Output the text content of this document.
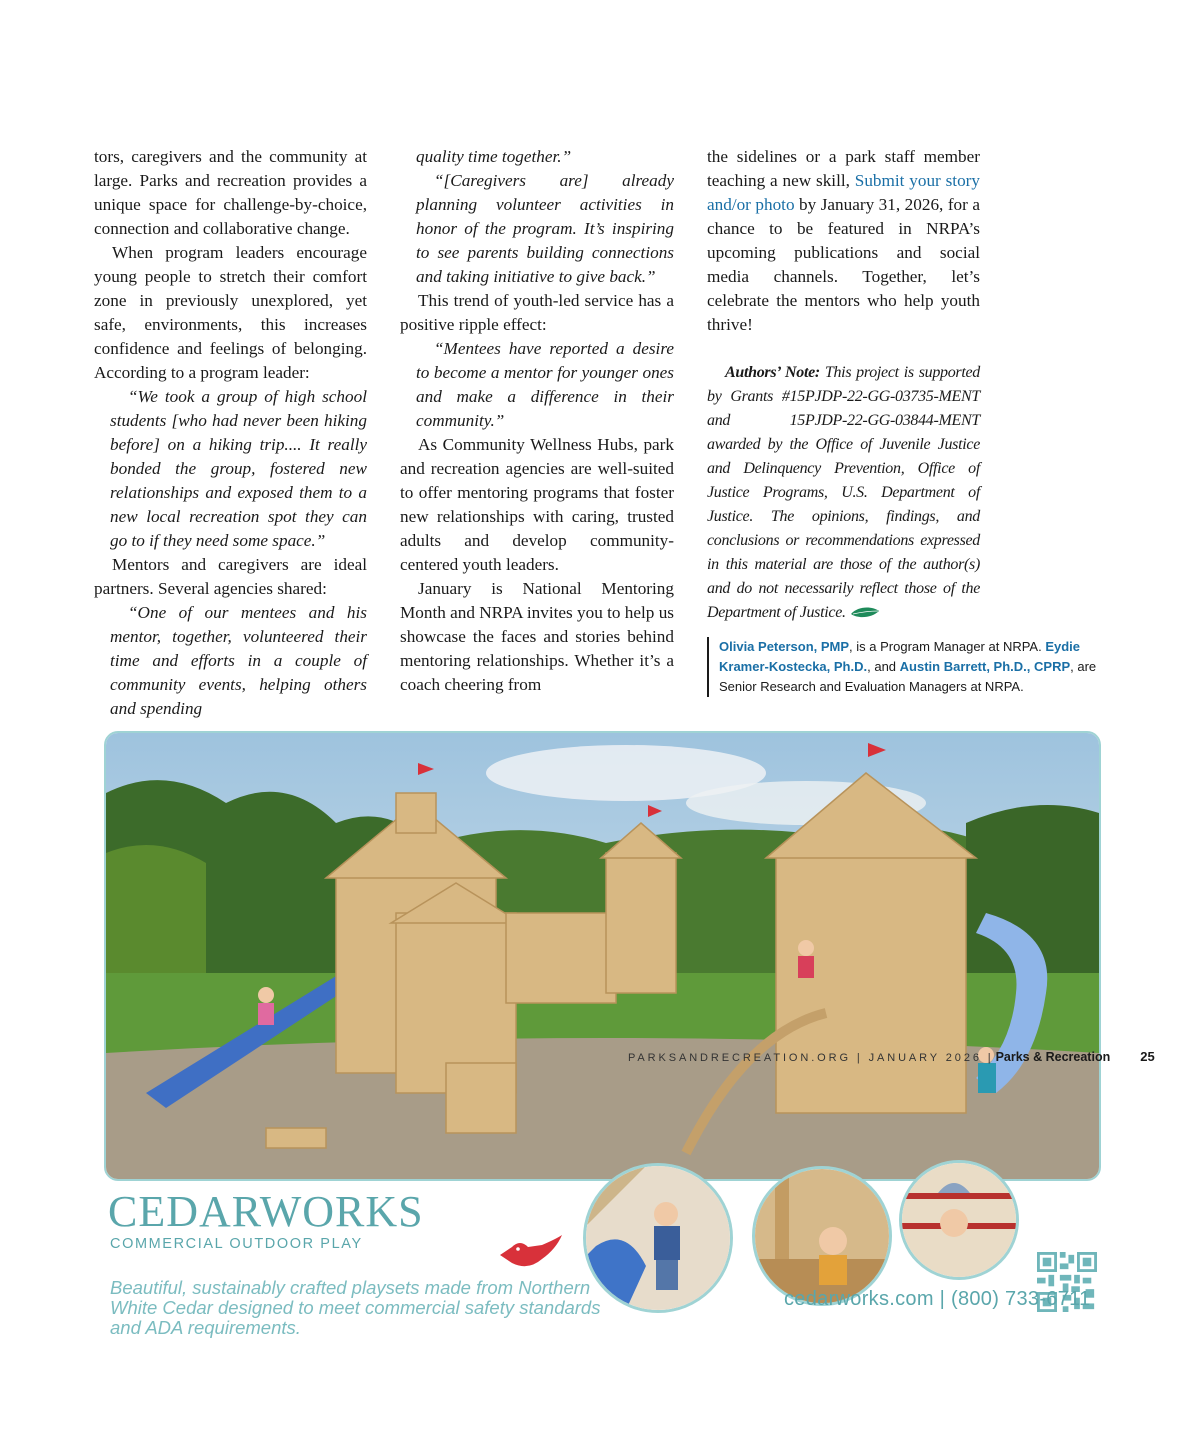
tors, caregivers and the community at large. Parks and recreation provides a unique space for challenge-by-choice, connection and collaborative change.

When program leaders encourage young people to stretch their comfort zone in previously unexplored, yet safe, environments, this increases confidence and feelings of belonging. According to a program leader:

“We took a group of high school students [who had never been hiking before] on a hiking trip.... It really bonded the group, fostered new relationships and exposed them to a new local recreation spot they can go to if they need some space.”

Mentors and caregivers are ideal partners. Several agencies shared:

“One of our mentees and his mentor, together, volunteered their time and efforts in a couple of community events, helping others and spending

quality time together.”

“[Caregivers are] already planning volunteer activities in honor of the program. It’s inspiring to see parents building connections and taking initiative to give back.”

This trend of youth-led service has a positive ripple effect:

“Mentees have reported a desire to become a mentor for younger ones and make a difference in their community.”

As Community Wellness Hubs, park and recreation agencies are well-suited to offer mentoring programs that foster new relationships with caring, trusted adults and develop community-centered youth leaders.

January is National Mentoring Month and NRPA invites you to help us showcase the faces and stories behind mentoring relationships. Whether it’s a coach cheering from

the sidelines or a park staff member teaching a new skill, Submit your story and/or photo by January 31, 2026, for a chance to be featured in NRPA’s upcoming publications and social media channels. Together, let’s celebrate the mentors who help youth thrive!

Authors’ Note: This project is supported by Grants #15PJDP-22-GG-03735-MENT and 15PJDP-22-GG-03844-MENT awarded by the Office of Juvenile Justice and Delinquency Prevention, Office of Justice Programs, U.S. Department of Justice. The opinions, findings, and conclusions or recommendations expressed in this material are those of the author(s) and do not necessarily reflect those of the Department of Justice.

Olivia Peterson, PMP, is a Program Manager at NRPA. Eydie Kramer-Kostecka, Ph.D., and Austin Barrett, Ph.D., CPRP, are Senior Research and Evaluation Managers at NRPA.
CEDARWORKS
COMMERCIAL OUTDOOR PLAY
Beautiful, sustainably crafted playsets made from Northern White Cedar designed to meet commercial safety standards and ADA requirements.
cedarworks.com | (800) 733-6711
PARKSANDRECREATION.ORG | JANUARY 2026 | Parks & Recreation 25
